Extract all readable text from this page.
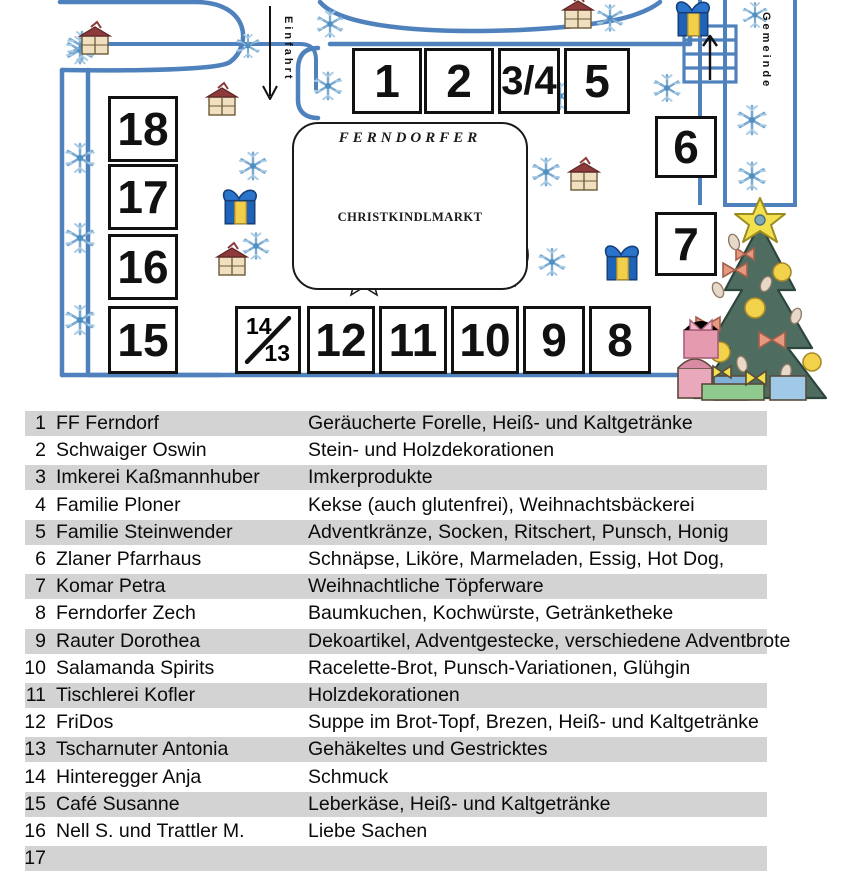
Einfahrt	Gemeinde
FERNDORFER
CHRISTKINDLMARKT
18
17
16
15
1 2 3/4 5
6
7
14
13 12 11 10 9 8
1 FF Ferndorf	Geräucherte Forelle, Heiß- und Kaltgetränke
2 Schwaiger Oswin	Stein- und Holzdekorationen
3 Imkerei Kaßmannhuber	Imkerprodukte
4 Familie Ploner	Kekse (auch glutenfrei), Weihnachtsbäckerei
5 Familie Steinwender	Adventkränze, Socken, Ritschert, Punsch, Honig
6 Zlaner Pfarrhaus	Schnäpse, Liköre, Marmeladen, Essig, Hot Dog,
7 Komar Petra	Weihnachtliche Töpferware
8 Ferndorfer Zech	Baumkuchen, Kochwürste, Getränketheke
9 Rauter Dorothea	Dekoartikel, Adventgestecke, verschiedene Adventbrote
10 Salamanda Spirits	Racelette-Brot, Punsch-Variationen, Glühgin
11 Tischlerei Kofler	Holzdekorationen
12 FriDos	Suppe im Brot-Topf, Brezen, Heiß- und Kaltgetränke
13 Tscharnuter Antonia	Gehäkeltes und Gestricktes
14 Hinteregger Anja	Schmuck
15 Café Susanne	Leberkäse, Heiß- und Kaltgetränke
16 Nell S. und Trattler M.	Liebe Sachen
17
